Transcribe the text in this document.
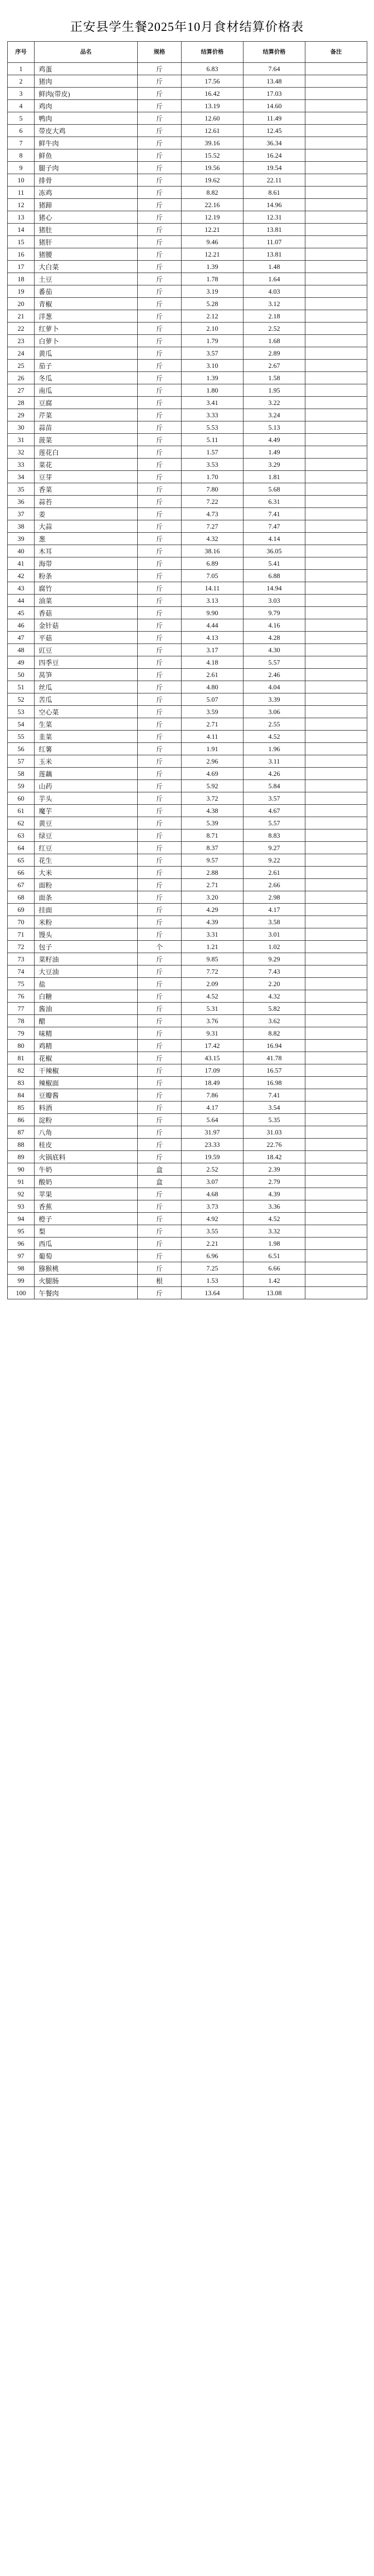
正安县学生餐2025年10月食材结算价格表
序号	品名	规格	结算价格	结算价格	备注
1	鸡蛋	斤	6.83	7.64	
2	猪肉	斤	17.56	13.48	
3	鲜肉(带皮)	斤	16.42	17.03	
4	鸡肉	斤	13.19	14.60	
5	鸭肉	斤	12.60	11.49	
6	带皮大鸡	斤	12.61	12.45	
7	鲜牛肉	斤	39.16	36.34	
8	鲜鱼	斤	15.52	16.24	
9	腿子肉	斤	19.56	19.54	
10	排骨	斤	19.62	22.11	
11	冻鸡	斤	8.82	8.61	
12	猪蹄	斤	22.16	14.96	
13	猪心	斤	12.19	12.31	
14	猪肚	斤	12.21	13.81	
15	猪肝	斤	9.46	11.07	
16	猪腰	斤	12.21	13.81	
17	大白菜	斤	1.39	1.48	
18	土豆	斤	1.78	1.64	
19	番茄	斤	3.19	4.03	
20	青椒	斤	5.28	3.12	
21	洋葱	斤	2.12	2.18	
22	红萝卜	斤	2.10	2.52	
23	白萝卜	斤	1.79	1.68	
24	黄瓜	斤	3.57	2.89	
25	茄子	斤	3.10	2.67	
26	冬瓜	斤	1.39	1.58	
27	南瓜	斤	1.80	1.95	
28	豆腐	斤	3.41	3.22	
29	芹菜	斤	3.33	3.24	
30	蒜苗	斤	5.53	5.13	
31	菠菜	斤	5.11	4.49	
32	莲花白	斤	1.57	1.49	
33	菜花	斤	3.53	3.29	
34	豆芽	斤	1.70	1.81	
35	香菜	斤	7.80	5.68	
36	蒜苔	斤	7.22	6.31	
37	姜	斤	4.73	7.41	
38	大蒜	斤	7.27	7.47	
39	葱	斤	4.32	4.14	
40	木耳	斤	38.16	36.05	
41	海带	斤	6.89	5.41	
42	粉条	斤	7.05	6.88	
43	腐竹	斤	14.11	14.94	
44	油菜	斤	3.13	3.03	
45	香菇	斤	9.90	9.79	
46	金针菇	斤	4.44	4.16	
47	平菇	斤	4.13	4.28	
48	豇豆	斤	3.17	4.30	
49	四季豆	斤	4.18	5.57	
50	莴笋	斤	2.61	2.46	
51	丝瓜	斤	4.80	4.04	
52	苦瓜	斤	5.07	3.39	
53	空心菜	斤	3.59	3.06	
54	生菜	斤	2.71	2.55	
55	韭菜	斤	4.11	4.52	
56	红薯	斤	1.91	1.96	
57	玉米	斤	2.96	3.11	
58	莲藕	斤	4.69	4.26	
59	山药	斤	5.92	5.84	
60	芋头	斤	3.72	3.57	
61	魔芋	斤	4.38	4.67	
62	黄豆	斤	5.39	5.57	
63	绿豆	斤	8.71	8.83	
64	红豆	斤	8.37	9.27	
65	花生	斤	9.57	9.22	
66	大米	斤	2.88	2.61	
67	面粉	斤	2.71	2.66	
68	面条	斤	3.20	2.98	
69	挂面	斤	4.29	4.17	
70	米粉	斤	4.39	3.58	
71	馒头	斤	3.31	3.01	
72	包子	个	1.21	1.02	
73	菜籽油	斤	9.85	9.29	
74	大豆油	斤	7.72	7.43	
75	盐	斤	2.09	2.20	
76	白糖	斤	4.52	4.32	
77	酱油	斤	5.31	5.82	
78	醋	斤	3.76	3.62	
79	味精	斤	9.31	8.82	
80	鸡精	斤	17.42	16.94	
81	花椒	斤	43.15	41.78	
82	干辣椒	斤	17.09	16.57	
83	辣椒面	斤	18.49	16.98	
84	豆瓣酱	斤	7.86	7.41	
85	料酒	斤	4.17	3.54	
86	淀粉	斤	5.64	5.35	
87	八角	斤	31.97	31.03	
88	桂皮	斤	23.33	22.76	
89	火锅底料	斤	19.59	18.42	
90	牛奶	盒	2.52	2.39	
91	酸奶	盒	3.07	2.79	
92	苹果	斤	4.68	4.39	
93	香蕉	斤	3.73	3.36	
94	橙子	斤	4.92	4.52	
95	梨	斤	3.55	3.32	
96	西瓜	斤	2.21	1.98	
97	葡萄	斤	6.96	6.51	
98	猕猴桃	斤	7.25	6.66	
99	火腿肠	根	1.53	1.42	
100	午餐肉	斤	13.64	13.08	
